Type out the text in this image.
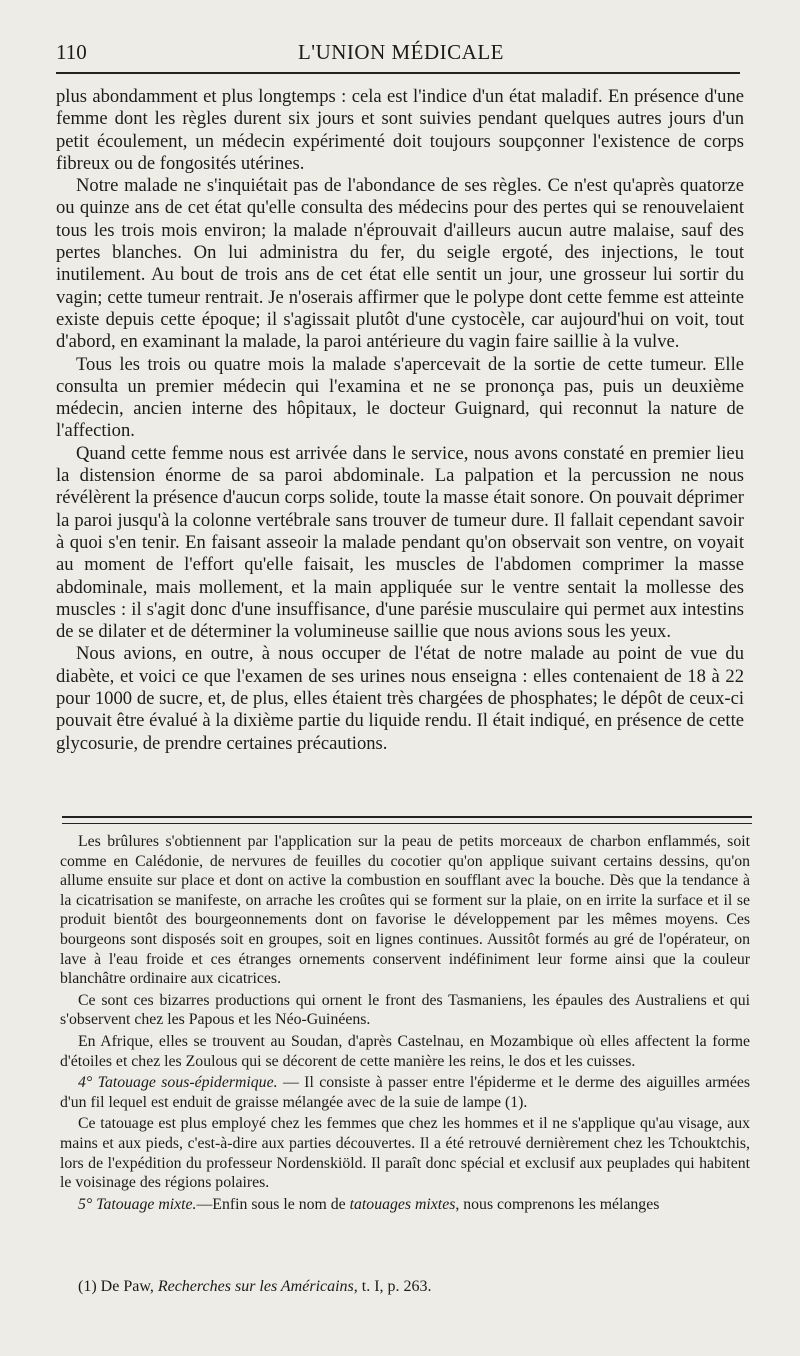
110	L'UNION MÉDICALE

plus abondamment et plus longtemps : cela est l'indice d'un état maladif. En présence d'une femme dont les règles durent six jours et sont suivies pendant quelques autres jours d'un petit écoulement, un médecin expérimenté doit toujours soupçonner l'existence de corps fibreux ou de fongosités utérines.

Notre malade ne s'inquiétait pas de l'abondance de ses règles. Ce n'est qu'après quatorze ou quinze ans de cet état qu'elle consulta des médecins pour des pertes qui se renouvelaient tous les trois mois environ; la malade n'éprouvait d'ailleurs aucun autre malaise, sauf des pertes blanches. On lui administra du fer, du seigle ergoté, des injections, le tout inutilement. Au bout de trois ans de cet état elle sentit un jour, une grosseur lui sortir du vagin; cette tumeur rentrait. Je n'oserais affirmer que le polype dont cette femme est atteinte existe depuis cette époque; il s'agissait plutôt d'une cystocèle, car aujourd'hui on voit, tout d'abord, en examinant la malade, la paroi antérieure du vagin faire saillie à la vulve.

Tous les trois ou quatre mois la malade s'apercevait de la sortie de cette tumeur. Elle consulta un premier médecin qui l'examina et ne se prononça pas, puis un deuxième médecin, ancien interne des hôpitaux, le docteur Guignard, qui reconnut la nature de l'affection.

Quand cette femme nous est arrivée dans le service, nous avons constaté en premier lieu la distension énorme de sa paroi abdominale. La palpation et la percussion ne nous révélèrent la présence d'aucun corps solide, toute la masse était sonore. On pouvait déprimer la paroi jusqu'à la colonne vertébrale sans trouver de tumeur dure. Il fallait cependant savoir à quoi s'en tenir. En faisant asseoir la malade pendant qu'on observait son ventre, on voyait au moment de l'effort qu'elle faisait, les muscles de l'abdomen comprimer la masse abdominale, mais mollement, et la main appliquée sur le ventre sentait la mollesse des muscles : il s'agit donc d'une insuffisance, d'une parésie musculaire qui permet aux intestins de se dilater et de déterminer la volumineuse saillie que nous avions sous les yeux.

Nous avions, en outre, à nous occuper de l'état de notre malade au point de vue du diabète, et voici ce que l'examen de ses urines nous enseigna : elles contenaient de 18 à 22 pour 1000 de sucre, et, de plus, elles étaient très chargées de phosphates; le dépôt de ceux-ci pouvait être évalué à la dixième partie du liquide rendu. Il était indiqué, en présence de cette glycosurie, de prendre certaines précautions.

Les brûlures s'obtiennent par l'application sur la peau de petits morceaux de charbon enflammés, soit comme en Calédonie, de nervures de feuilles du cocotier qu'on applique suivant certains dessins, qu'on allume ensuite sur place et dont on active la combustion en soufflant avec la bouche. Dès que la tendance à la cicatrisation se manifeste, on arrache les croûtes qui se forment sur la plaie, on en irrite la surface et il se produit bientôt des bourgeonnements dont on favorise le développement par les mêmes moyens. Ces bourgeons sont disposés soit en groupes, soit en lignes continues. Aussitôt formés au gré de l'opérateur, on lave à l'eau froide et ces étranges ornements conservent indéfiniment leur forme ainsi que la couleur blanchâtre ordinaire aux cicatrices.

Ce sont ces bizarres productions qui ornent le front des Tasmaniens, les épaules des Australiens et qui s'observent chez les Papous et les Néo-Guinéens.

En Afrique, elles se trouvent au Soudan, d'après Castelnau, en Mozambique où elles affectent la forme d'étoiles et chez les Zoulous qui se décorent de cette manière les reins, le dos et les cuisses.

4° Tatouage sous-épidermique. — Il consiste à passer entre l'épiderme et le derme des aiguilles armées d'un fil lequel est enduit de graisse mélangée avec de la suie de lampe (1).

Ce tatouage est plus employé chez les femmes que chez les hommes et il ne s'applique qu'au visage, aux mains et aux pieds, c'est-à-dire aux parties découvertes. Il a été retrouvé dernièrement chez les Tchouktchis, lors de l'expédition du professeur Nordenskiöld. Il paraît donc spécial et exclusif aux peuplades qui habitent le voisinage des régions polaires.

5° Tatouage mixte.—Enfin sous le nom de tatouages mixtes, nous comprenons les mélanges

(1) De Paw, Recherches sur les Américains, t. I, p. 263.
